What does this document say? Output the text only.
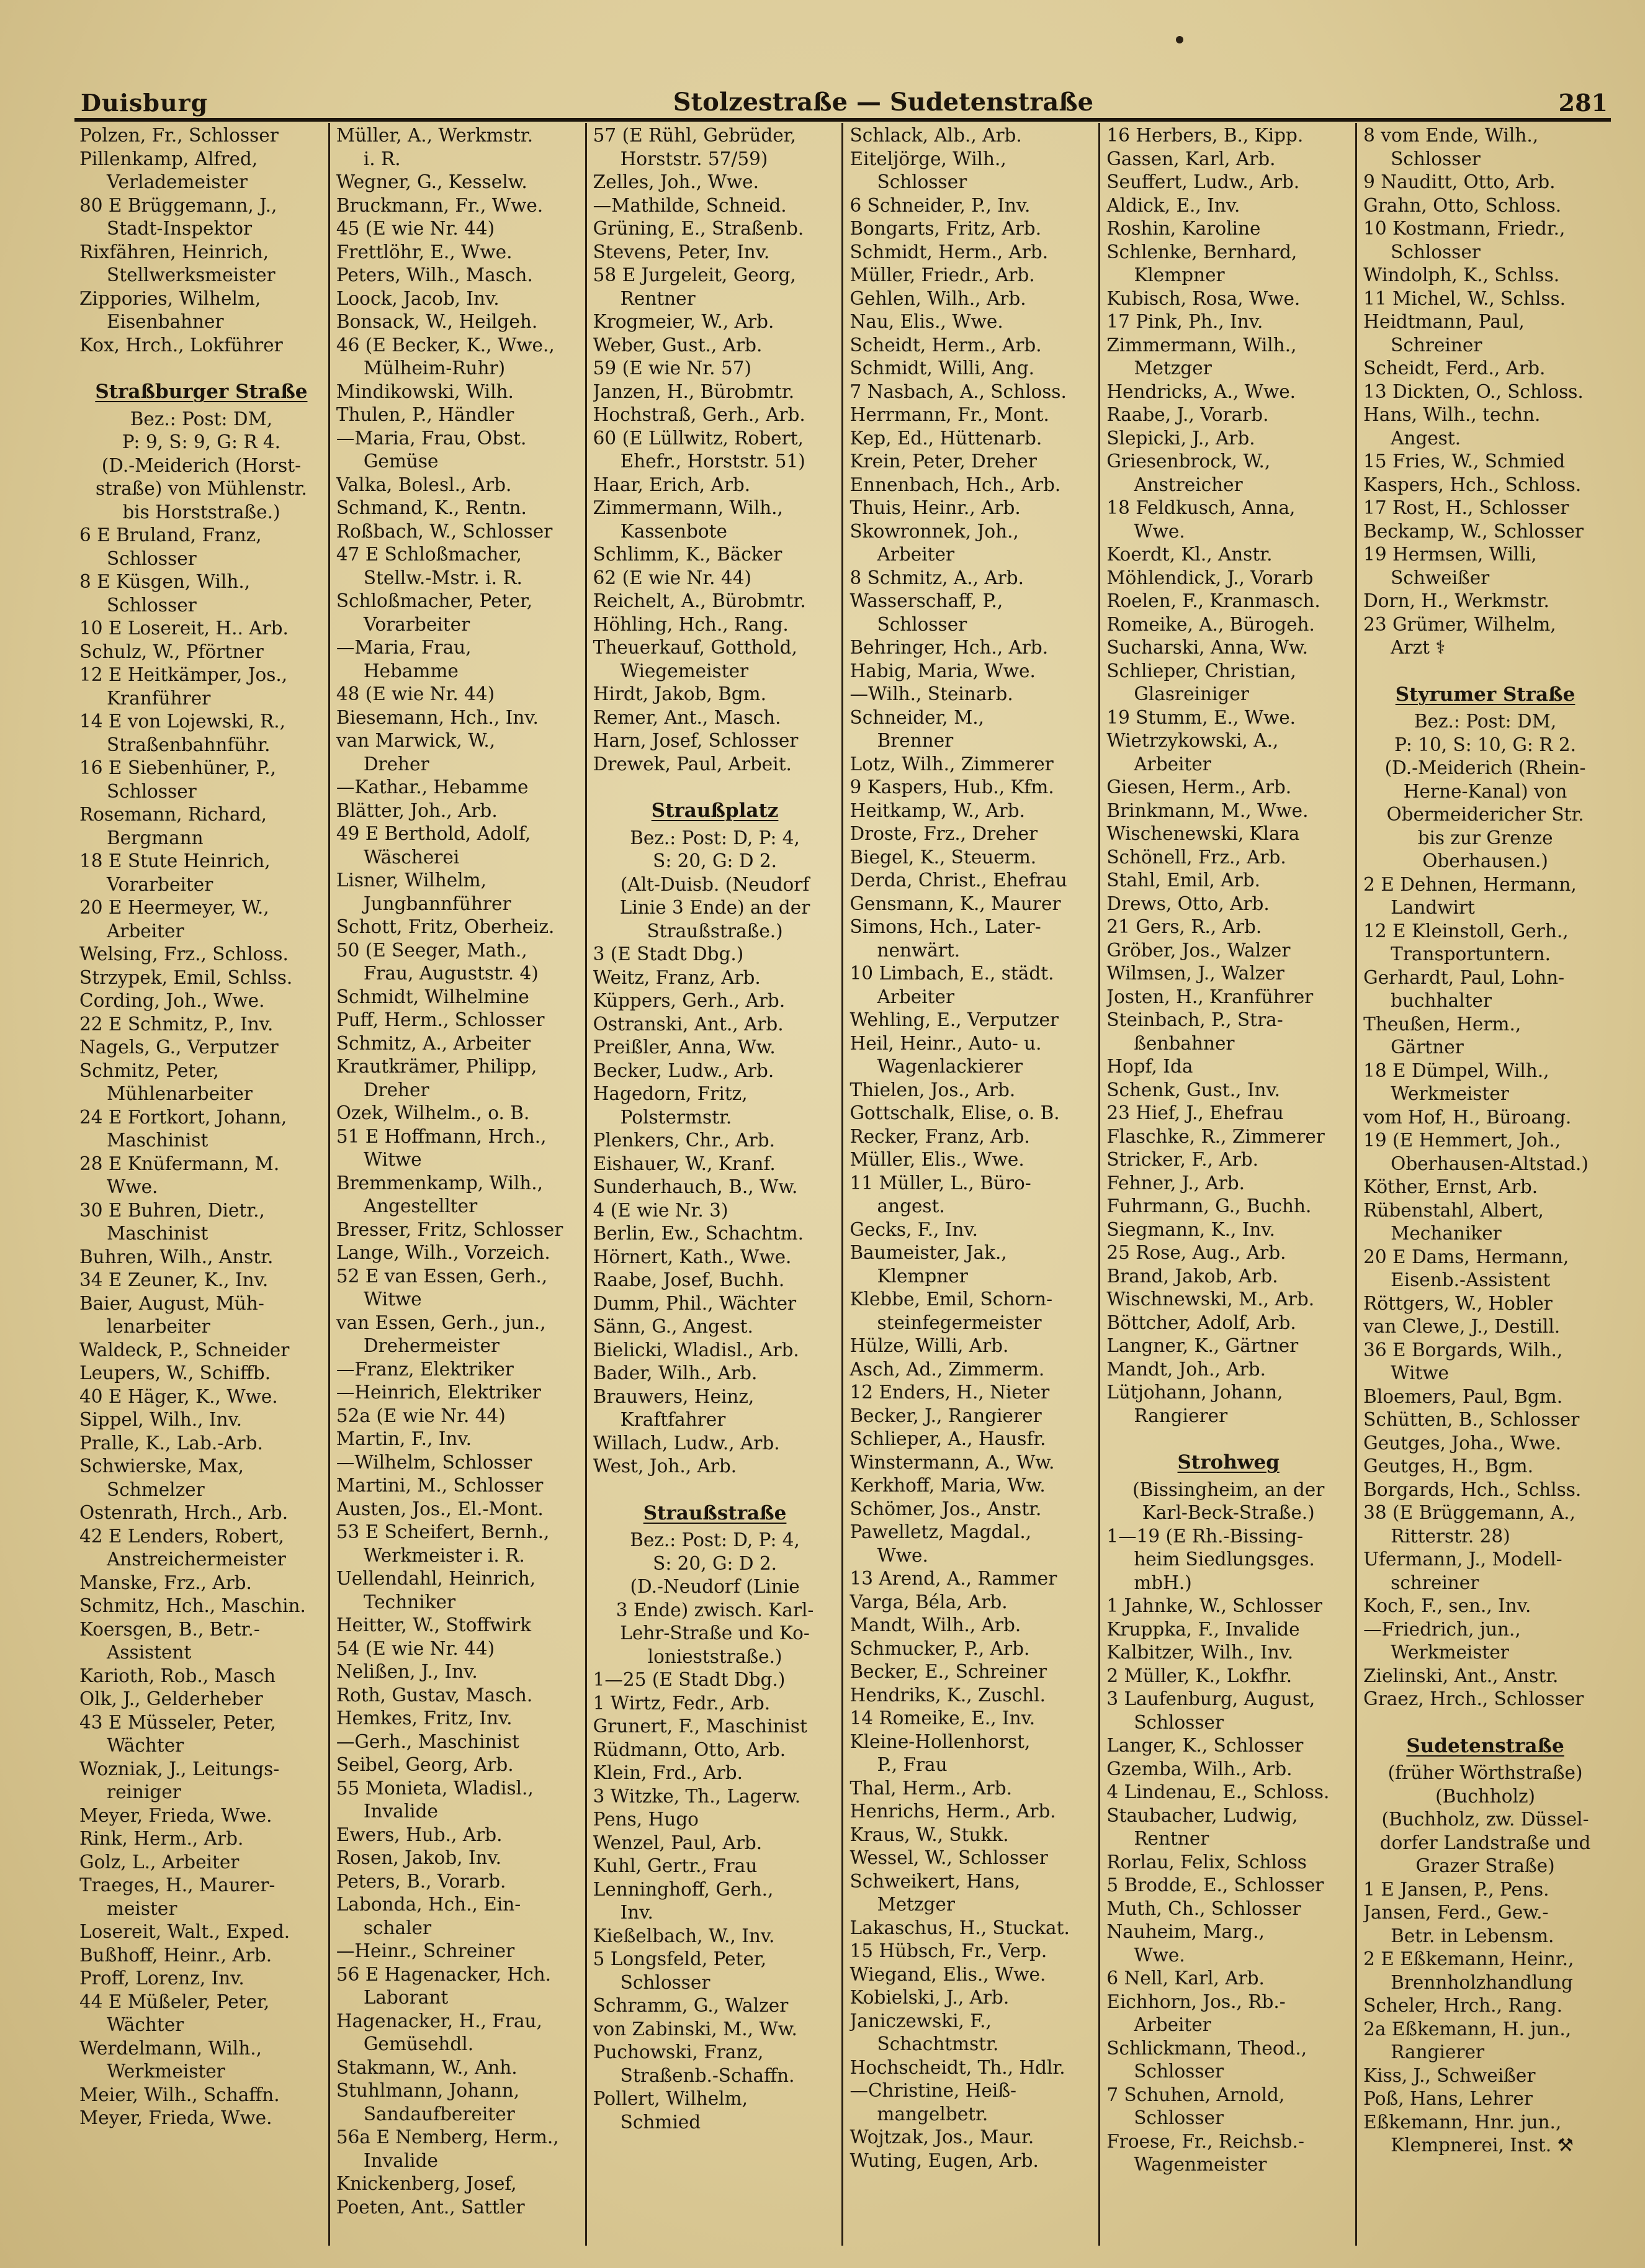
Duisburg	Stolzestraße — Sudetenstraße	281
Polzen, Fr., Schlosser
Pillenkamp, Alfred,
Verlademeister
80 E Brüggemann, J.,
Stadt-Inspektor
Rixfähren, Heinrich,
Stellwerksmeister
Zippories, Wilhelm,
Eisenbahner
Kox, Hrch., Lokführer
Straßburger Straße
Bez.: Post: DM,
P: 9, S: 9, G: R 4.
(D.-Meiderich (Horst-
straße) von Mühlenstr.
bis Horststraße.)
6 E Bruland, Franz,
Schlosser
8 E Küsgen, Wilh.,
Schlosser
10 E Losereit, H.. Arb.
Schulz, W., Pförtner
12 E Heitkämper, Jos.,
Kranführer
14 E von Lojewski, R.,
Straßenbahnführ.
16 E Siebenhüner, P.,
Schlosser
Rosemann, Richard,
Bergmann
18 E Stute Heinrich,
Vorarbeiter
20 E Heermeyer, W.,
Arbeiter
Welsing, Frz., Schloss.
Strzypek, Emil, Schlss.
Cording, Joh., Wwe.
22 E Schmitz, P., Inv.
Nagels, G., Verputzer
Schmitz, Peter,
Mühlenarbeiter
24 E Fortkort, Johann,
Maschinist
28 E Knüfermann, M.
Wwe.
30 E Buhren, Dietr.,
Maschinist
Buhren, Wilh., Anstr.
34 E Zeuner, K., Inv.
Baier, August, Müh-
lenarbeiter
Waldeck, P., Schneider
Leupers, W., Schiffb.
40 E Häger, K., Wwe.
Sippel, Wilh., Inv.
Pralle, K., Lab.-Arb.
Schwierske, Max,
Schmelzer
Ostenrath, Hrch., Arb.
42 E Lenders, Robert,
Anstreichermeister
Manske, Frz., Arb.
Schmitz, Hch., Maschin.
Koersgen, B., Betr.-
Assistent
Karioth, Rob., Masch
Olk, J., Gelderheber
43 E Müsseler, Peter,
Wächter
Wozniak, J., Leitungs-
reiniger
Meyer, Frieda, Wwe.
Rink, Herm., Arb.
Golz, L., Arbeiter
Traeges, H., Maurer-
meister
Losereit, Walt., Exped.
Bußhoff, Heinr., Arb.
Proff, Lorenz, Inv.
44 E Müßeler, Peter,
Wächter
Werdelmann, Wilh.,
Werkmeister
Meier, Wilh., Schaffn.
Meyer, Frieda, Wwe.
Müller, A., Werkmstr.
i. R.
Wegner, G., Kesselw.
Bruckmann, Fr., Wwe.
45 (E wie Nr. 44)
Frettlöhr, E., Wwe.
Peters, Wilh., Masch.
Loock, Jacob, Inv.
Bonsack, W., Heilgeh.
46 (E Becker, K., Wwe.,
Mülheim-Ruhr)
Mindikowski, Wilh.
Thulen, P., Händler
—Maria, Frau, Obst.
Gemüse
Valka, Bolesl., Arb.
Schmand, K., Rentn.
Roßbach, W., Schlosser
47 E Schloßmacher,
Stellw.-Mstr. i. R.
Schloßmacher, Peter,
Vorarbeiter
—Maria, Frau,
Hebamme
48 (E wie Nr. 44)
Biesemann, Hch., Inv.
van Marwick, W.,
Dreher
—Kathar., Hebamme
Blätter, Joh., Arb.
49 E Berthold, Adolf,
Wäscherei
Lisner, Wilhelm,
Jungbannführer
Schott, Fritz, Oberheiz.
50 (E Seeger, Math.,
Frau, Auguststr. 4)
Schmidt, Wilhelmine
Puff, Herm., Schlosser
Schmitz, A., Arbeiter
Krautkrämer, Philipp,
Dreher
Ozek, Wilhelm., o. B.
51 E Hoffmann, Hrch.,
Witwe
Bremmenkamp, Wilh.,
Angestellter
Bresser, Fritz, Schlosser
Lange, Wilh., Vorzeich.
52 E van Essen, Gerh.,
Witwe
van Essen, Gerh., jun.,
Drehermeister
—Franz, Elektriker
—Heinrich, Elektriker
52a (E wie Nr. 44)
Martin, F., Inv.
—Wilhelm, Schlosser
Martini, M., Schlosser
Austen, Jos., El.-Mont.
53 E Scheifert, Bernh.,
Werkmeister i. R.
Uellendahl, Heinrich,
Techniker
Heitter, W., Stoffwirk
54 (E wie Nr. 44)
Nelißen, J., Inv.
Roth, Gustav, Masch.
Hemkes, Fritz, Inv.
—Gerh., Maschinist
Seibel, Georg, Arb.
55 Monieta, Wladisl.,
Invalide
Ewers, Hub., Arb.
Rosen, Jakob, Inv.
Peters, B., Vorarb.
Labonda, Hch., Ein-
schaler
—Heinr., Schreiner
56 E Hagenacker, Hch.
Laborant
Hagenacker, H., Frau,
Gemüsehdl.
Stakmann, W., Anh.
Stuhlmann, Johann,
Sandaufbereiter
56a E Nemberg, Herm.,
Invalide
Knickenberg, Josef,
Poeten, Ant., Sattler
57 (E Rühl, Gebrüder,
Horststr. 57/59)
Zelles, Joh., Wwe.
—Mathilde, Schneid.
Grüning, E., Straßenb.
Stevens, Peter, Inv.
58 E Jurgeleit, Georg,
Rentner
Krogmeier, W., Arb.
Weber, Gust., Arb.
59 (E wie Nr. 57)
Janzen, H., Bürobmtr.
Hochstraß, Gerh., Arb.
60 (E Lüllwitz, Robert,
Ehefr., Horststr. 51)
Haar, Erich, Arb.
Zimmermann, Wilh.,
Kassenbote
Schlimm, K., Bäcker
62 (E wie Nr. 44)
Reichelt, A., Bürobmtr.
Höhling, Hch., Rang.
Theuerkauf, Gotthold,
Wiegemeister
Hirdt, Jakob, Bgm.
Remer, Ant., Masch.
Harn, Josef, Schlosser
Drewek, Paul, Arbeit.
Straußplatz
Bez.: Post: D, P: 4,
S: 20, G: D 2.
(Alt-Duisb. (Neudorf
Linie 3 Ende) an der
Straußstraße.)
3 (E Stadt Dbg.)
Weitz, Franz, Arb.
Küppers, Gerh., Arb.
Ostranski, Ant., Arb.
Preißler, Anna, Ww.
Becker, Ludw., Arb.
Hagedorn, Fritz,
Polstermstr.
Plenkers, Chr., Arb.
Eishauer, W., Kranf.
Sunderhauch, B., Ww.
4 (E wie Nr. 3)
Berlin, Ew., Schachtm.
Hörnert, Kath., Wwe.
Raabe, Josef, Buchh.
Dumm, Phil., Wächter
Sänn, G., Angest.
Bielicki, Wladisl., Arb.
Bader, Wilh., Arb.
Brauwers, Heinz,
Kraftfahrer
Willach, Ludw., Arb.
West, Joh., Arb.
Straußstraße
Bez.: Post: D, P: 4,
S: 20, G: D 2.
(D.-Neudorf (Linie
3 Ende) zwisch. Karl-
Lehr-Straße und Ko-
lonieststraße.)
1—25 (E Stadt Dbg.)
1 Wirtz, Fedr., Arb.
Grunert, F., Maschinist
Rüdmann, Otto, Arb.
Klein, Frd., Arb.
3 Witzke, Th., Lagerw.
Pens, Hugo
Wenzel, Paul, Arb.
Kuhl, Gertr., Frau
Lenninghoff, Gerh.,
Inv.
Kießelbach, W., Inv.
5 Longsfeld, Peter,
Schlosser
Schramm, G., Walzer
von Zabinski, M., Ww.
Puchowski, Franz,
Straßenb.-Schaffn.
Pollert, Wilhelm,
Schmied
Schlack, Alb., Arb.
Eiteljörge, Wilh.,
Schlosser
6 Schneider, P., Inv.
Bongarts, Fritz, Arb.
Schmidt, Herm., Arb.
Müller, Friedr., Arb.
Gehlen, Wilh., Arb.
Nau, Elis., Wwe.
Scheidt, Herm., Arb.
Schmidt, Willi, Ang.
7 Nasbach, A., Schloss.
Herrmann, Fr., Mont.
Kep, Ed., Hüttenarb.
Krein, Peter, Dreher
Ennenbach, Hch., Arb.
Thuis, Heinr., Arb.
Skowronnek, Joh.,
Arbeiter
8 Schmitz, A., Arb.
Wasserschaff, P.,
Schlosser
Behringer, Hch., Arb.
Habig, Maria, Wwe.
—Wilh., Steinarb.
Schneider, M.,
Brenner
Lotz, Wilh., Zimmerer
9 Kaspers, Hub., Kfm.
Heitkamp, W., Arb.
Droste, Frz., Dreher
Biegel, K., Steuerm.
Derda, Christ., Ehefrau
Gensmann, K., Maurer
Simons, Hch., Later-
nenwärt.
10 Limbach, E., städt.
Arbeiter
Wehling, E., Verputzer
Heil, Heinr., Auto- u.
Wagenlackierer
Thielen, Jos., Arb.
Gottschalk, Elise, o. B.
Recker, Franz, Arb.
Müller, Elis., Wwe.
11 Müller, L., Büro-
angest.
Gecks, F., Inv.
Baumeister, Jak.,
Klempner
Klebbe, Emil, Schorn-
steinfegermeister
Hülze, Willi, Arb.
Asch, Ad., Zimmerm.
12 Enders, H., Nieter
Becker, J., Rangierer
Schlieper, A., Hausfr.
Winstermann, A., Ww.
Kerkhoff, Maria, Ww.
Schömer, Jos., Anstr.
Pawelletz, Magdal.,
Wwe.
13 Arend, A., Rammer
Varga, Béla, Arb.
Mandt, Wilh., Arb.
Schmucker, P., Arb.
Becker, E., Schreiner
Hendriks, K., Zuschl.
14 Romeike, E., Inv.
Kleine-Hollenhorst,
P., Frau
Thal, Herm., Arb.
Henrichs, Herm., Arb.
Kraus, W., Stukk.
Wessel, W., Schlosser
Schweikert, Hans,
Metzger
Lakaschus, H., Stuckat.
15 Hübsch, Fr., Verp.
Wiegand, Elis., Wwe.
Kobielski, J., Arb.
Janiczewski, F.,
Schachtmstr.
Hochscheidt, Th., Hdlr.
—Christine, Heiß-
mangelbetr.
Wojtzak, Jos., Maur.
Wuting, Eugen, Arb.
16 Herbers, B., Kipp.
Gassen, Karl, Arb.
Seuffert, Ludw., Arb.
Aldick, E., Inv.
Roshin, Karoline
Schlenke, Bernhard,
Klempner
Kubisch, Rosa, Wwe.
17 Pink, Ph., Inv.
Zimmermann, Wilh.,
Metzger
Hendricks, A., Wwe.
Raabe, J., Vorarb.
Slepicki, J., Arb.
Griesenbrock, W.,
Anstreicher
18 Feldkusch, Anna,
Wwe.
Koerdt, Kl., Anstr.
Möhlendick, J., Vorarb
Roelen, F., Kranmasch.
Romeike, A., Bürogeh.
Sucharski, Anna, Ww.
Schlieper, Christian,
Glasreiniger
19 Stumm, E., Wwe.
Wietrzykowski, A.,
Arbeiter
Giesen, Herm., Arb.
Brinkmann, M., Wwe.
Wischenewski, Klara
Schönell, Frz., Arb.
Stahl, Emil, Arb.
Drews, Otto, Arb.
21 Gers, R., Arb.
Gröber, Jos., Walzer
Wilmsen, J., Walzer
Josten, H., Kranführer
Steinbach, P., Stra-
ßenbahner
Hopf, Ida
Schenk, Gust., Inv.
23 Hief, J., Ehefrau
Flaschke, R., Zimmerer
Stricker, F., Arb.
Fehner, J., Arb.
Fuhrmann, G., Buchh.
Siegmann, K., Inv.
25 Rose, Aug., Arb.
Brand, Jakob, Arb.
Wischnewski, M., Arb.
Böttcher, Adolf, Arb.
Langner, K., Gärtner
Mandt, Joh., Arb.
Lütjohann, Johann,
Rangierer
Strohweg
(Bissingheim, an der
Karl-Beck-Straße.)
1—19 (E Rh.-Bissing-
heim Siedlungsges.
mbH.)
1 Jahnke, W., Schlosser
Kruppka, F., Invalide
Kalbitzer, Wilh., Inv.
2 Müller, K., Lokfhr.
3 Laufenburg, August,
Schlosser
Langer, K., Schlosser
Gzemba, Wilh., Arb.
4 Lindenau, E., Schloss.
Staubacher, Ludwig,
Rentner
Rorlau, Felix, Schloss
5 Brodde, E., Schlosser
Muth, Ch., Schlosser
Nauheim, Marg.,
Wwe.
6 Nell, Karl, Arb.
Eichhorn, Jos., Rb.-
Arbeiter
Schlickmann, Theod.,
Schlosser
7 Schuhen, Arnold,
Schlosser
Froese, Fr., Reichsb.-
Wagenmeister
8 vom Ende, Wilh.,
Schlosser
9 Nauditt, Otto, Arb.
Grahn, Otto, Schloss.
10 Kostmann, Friedr.,
Schlosser
Windolph, K., Schlss.
11 Michel, W., Schlss.
Heidtmann, Paul,
Schreiner
Scheidt, Ferd., Arb.
13 Dickten, O., Schloss.
Hans, Wilh., techn.
Angest.
15 Fries, W., Schmied
Kaspers, Hch., Schloss.
17 Rost, H., Schlosser
Beckamp, W., Schlosser
19 Hermsen, Willi,
Schweißer
Dorn, H., Werkmstr.
23 Grümer, Wilhelm,
Arzt ⚕
Styrumer Straße
Bez.: Post: DM,
P: 10, S: 10, G: R 2.
(D.-Meiderich (Rhein-
Herne-Kanal) von
Obermeidericher Str.
bis zur Grenze
Oberhausen.)
2 E Dehnen, Hermann,
Landwirt
12 E Kleinstoll, Gerh.,
Transportuntern.
Gerhardt, Paul, Lohn-
buchhalter
Theußen, Herm.,
Gärtner
18 E Dümpel, Wilh.,
Werkmeister
vom Hof, H., Büroang.
19 (E Hemmert, Joh.,
Oberhausen-Altstad.)
Köther, Ernst, Arb.
Rübenstahl, Albert,
Mechaniker
20 E Dams, Hermann,
Eisenb.-Assistent
Röttgers, W., Hobler
van Clewe, J., Destill.
36 E Borgards, Wilh.,
Witwe
Bloemers, Paul, Bgm.
Schütten, B., Schlosser
Geutges, Joha., Wwe.
Geutges, H., Bgm.
Borgards, Hch., Schlss.
38 (E Brüggemann, A.,
Ritterstr. 28)
Ufermann, J., Modell-
schreiner
Koch, F., sen., Inv.
—Friedrich, jun.,
Werkmeister
Zielinski, Ant., Anstr.
Graez, Hrch., Schlosser
Sudetenstraße
(früher Wörthstraße)
(Buchholz)
(Buchholz, zw. Düssel-
dorfer Landstraße und
Grazer Straße)
1 E Jansen, P., Pens.
Jansen, Ferd., Gew.-
Betr. in Lebensm.
2 E Eßkemann, Heinr.,
Brennholzhandlung
Scheler, Hrch., Rang.
2a Eßkemann, H. jun.,
Rangierer
Kiss, J., Schweißer
Poß, Hans, Lehrer
Eßkemann, Hnr. jun.,
Klempnerei, Inst. ⚒
